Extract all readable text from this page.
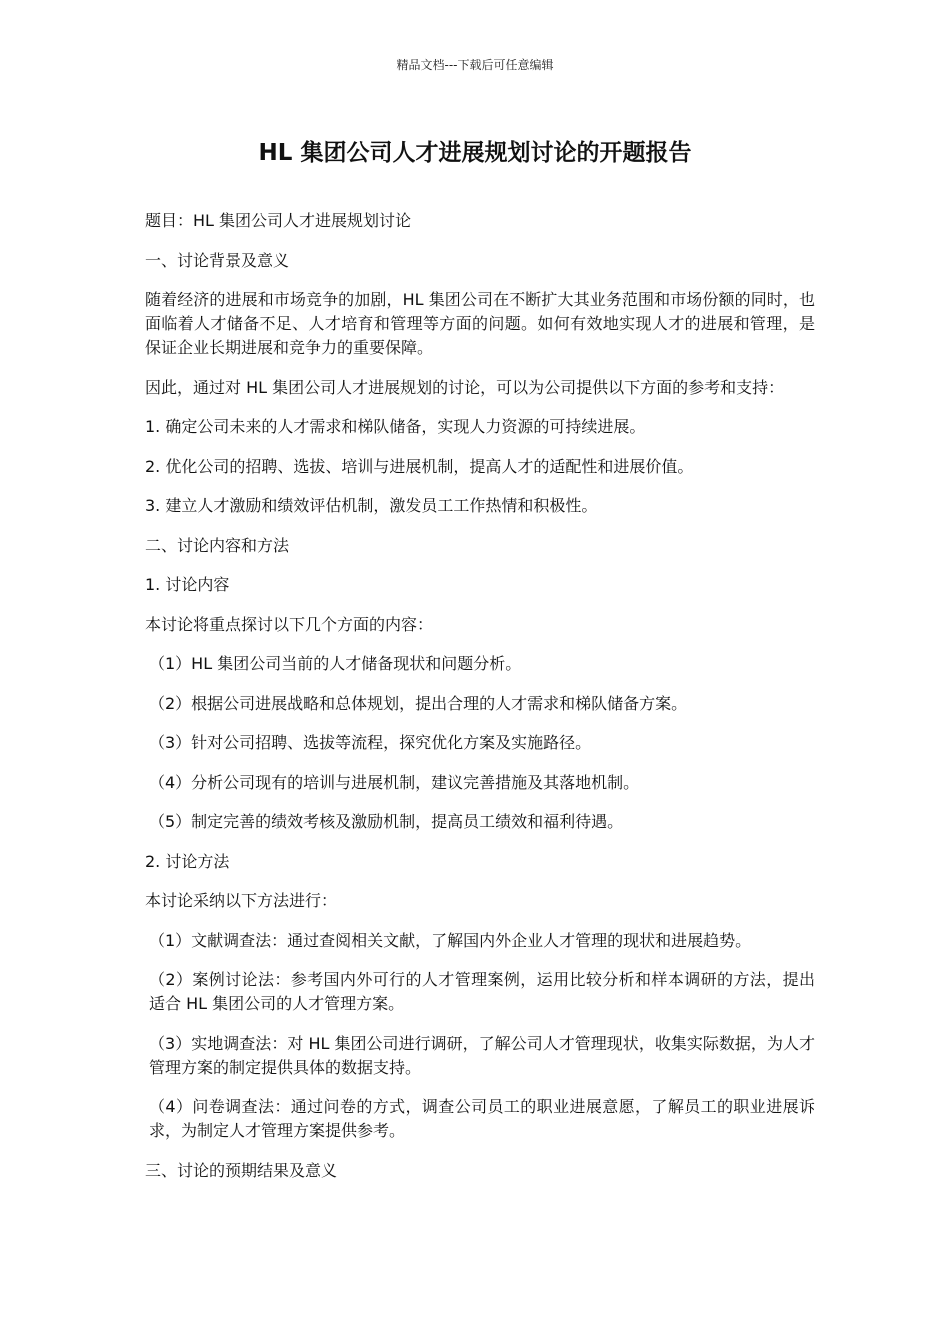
精品文档---下载后可任意编辑
HL 集团公司人才进展规划讨论的开题报告

题目：HL 集团公司人才进展规划讨论

一、讨论背景及意义

随着经济的进展和市场竞争的加剧，HL 集团公司在不断扩大其业务范围和市场份额的同时，也面临着人才储备不足、人才培育和管理等方面的问题。如何有效地实现人才的进展和管理，是保证企业长期进展和竞争力的重要保障。

因此，通过对 HL 集团公司人才进展规划的讨论，可以为公司提供以下方面的参考和支持：

1. 确定公司未来的人才需求和梯队储备，实现人力资源的可持续进展。

2. 优化公司的招聘、选拔、培训与进展机制，提高人才的适配性和进展价值。

3. 建立人才激励和绩效评估机制，激发员工工作热情和积极性。

二、讨论内容和方法

1. 讨论内容

本讨论将重点探讨以下几个方面的内容：

（1）HL 集团公司当前的人才储备现状和问题分析。

（2）根据公司进展战略和总体规划，提出合理的人才需求和梯队储备方案。

（3）针对公司招聘、选拔等流程，探究优化方案及实施路径。

（4）分析公司现有的培训与进展机制，建议完善措施及其落地机制。

（5）制定完善的绩效考核及激励机制，提高员工绩效和福利待遇。

2. 讨论方法

本讨论采纳以下方法进行：

（1）文献调查法：通过查阅相关文献，了解国内外企业人才管理的现状和进展趋势。

（2）案例讨论法：参考国内外可行的人才管理案例，运用比较分析和样本调研的方法，提出适合 HL 集团公司的人才管理方案。

（3）实地调查法：对 HL 集团公司进行调研，了解公司人才管理现状，收集实际数据，为人才管理方案的制定提供具体的数据支持。

（4）问卷调查法：通过问卷的方式，调查公司员工的职业进展意愿，了解员工的职业进展诉求，为制定人才管理方案提供参考。

三、讨论的预期结果及意义
